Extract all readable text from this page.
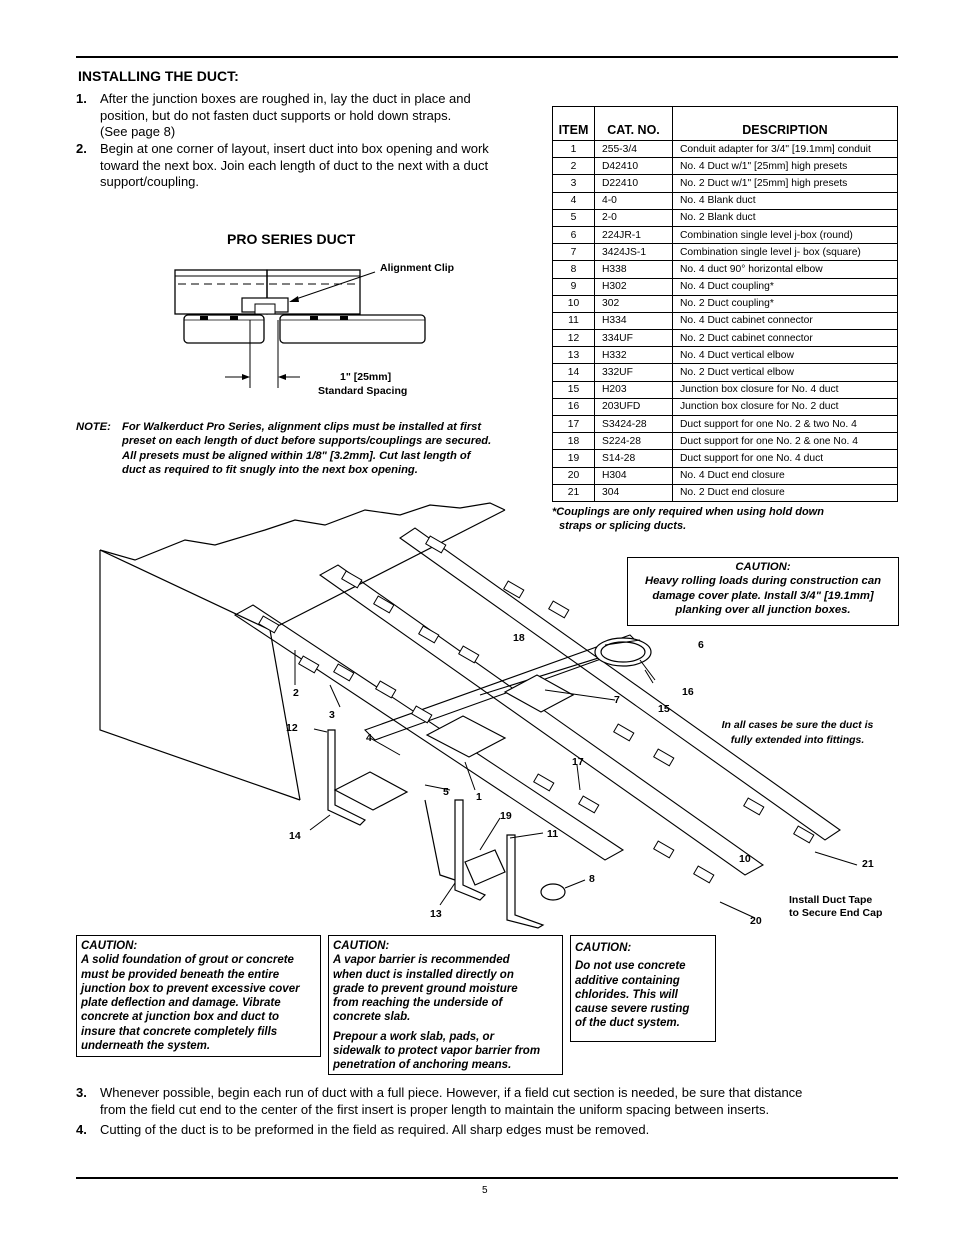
INSTALLING THE DUCT:
1. After the junction boxes are roughed in, lay the duct in place and
position, but do not fasten duct supports or hold down straps.
(See page 8)
2. Begin at one corner of layout, insert duct into box opening and work
toward the next box. Join each length of duct to the next with a duct
support/coupling.
PRO SERIES DUCT
Alignment Clip
1" [25mm]
Standard Spacing
NOTE: For Walkerduct Pro Series, alignment clips must be installed at first
preset on each length of duct before supports/couplings are secured.
All presets must be aligned within 1/8" [3.2mm]. Cut last length of
duct as required to fit snugly into the next box opening.
ITEM	CAT. NO.	DESCRIPTION
1	255-3/4	Conduit adapter for 3/4" [19.1mm] conduit
2	D42410	No. 4 Duct w/1" [25mm] high presets
3	D22410	No. 2 Duct w/1" [25mm] high presets
4	4-0	No. 4 Blank duct
5	2-0	No. 2 Blank duct
6	224JR-1	Combination single level j-box (round)
7	3424JS-1	Combination single level j- box (square)
8	H338	No. 4 duct 90° horizontal elbow
9	H302	No. 4 Duct coupling*
10	302	No. 2 Duct coupling*
11	H334	No. 4 Duct cabinet connector
12	334UF	No. 2 Duct cabinet connector
13	H332	No. 4 Duct vertical elbow
14	332UF	No. 2 Duct vertical elbow
15	H203	Junction box closure for No. 4 duct
16	203UFD	Junction box closure for No. 2 duct
17	S3424-28	Duct support for one No. 2 & two No. 4
18	S224-28	Duct support for one No. 2 & one No. 4
19	S14-28	Duct support for one No. 4 duct
20	H304	No. 4 Duct end closure
21	304	No. 2 Duct end closure
*Couplings are only required when using hold down
straps or splicing ducts.
18
6
16
15
7
2
3
12
4
17
5	1
19
11
14
8
13
10	21
20
CAUTION:
Heavy rolling loads during construction can
damage cover plate. Install 3/4" [19.1mm]
planking over all junction boxes.
In all cases be sure the duct is
fully extended into fittings.
Install Duct Tape
to Secure End Cap
CAUTION:
A solid foundation of grout or concrete
must be provided beneath the entire
junction box to prevent excessive cover
plate deflection and damage. Vibrate
concrete at junction box and duct to
insure that concrete completely fills
underneath the system.
CAUTION:
A vapor barrier is recommended
when duct is installed directly on
grade to prevent ground moisture
from reaching the underside of
concrete slab.
Prepour a work slab, pads, or
sidewalk to protect vapor barrier from
penetration of anchoring means.
CAUTION:
Do not use concrete
additive containing
chlorides. This will
cause severe rusting
of the duct system.
3. Whenever possible, begin each run of duct with a full piece. However, if a field cut section is needed, be sure that distance
from the field cut end to the center of the first insert is proper length to maintain the uniform spacing between inserts.
4. Cutting of the duct is to be preformed in the field as required. All sharp edges must be removed.
5
